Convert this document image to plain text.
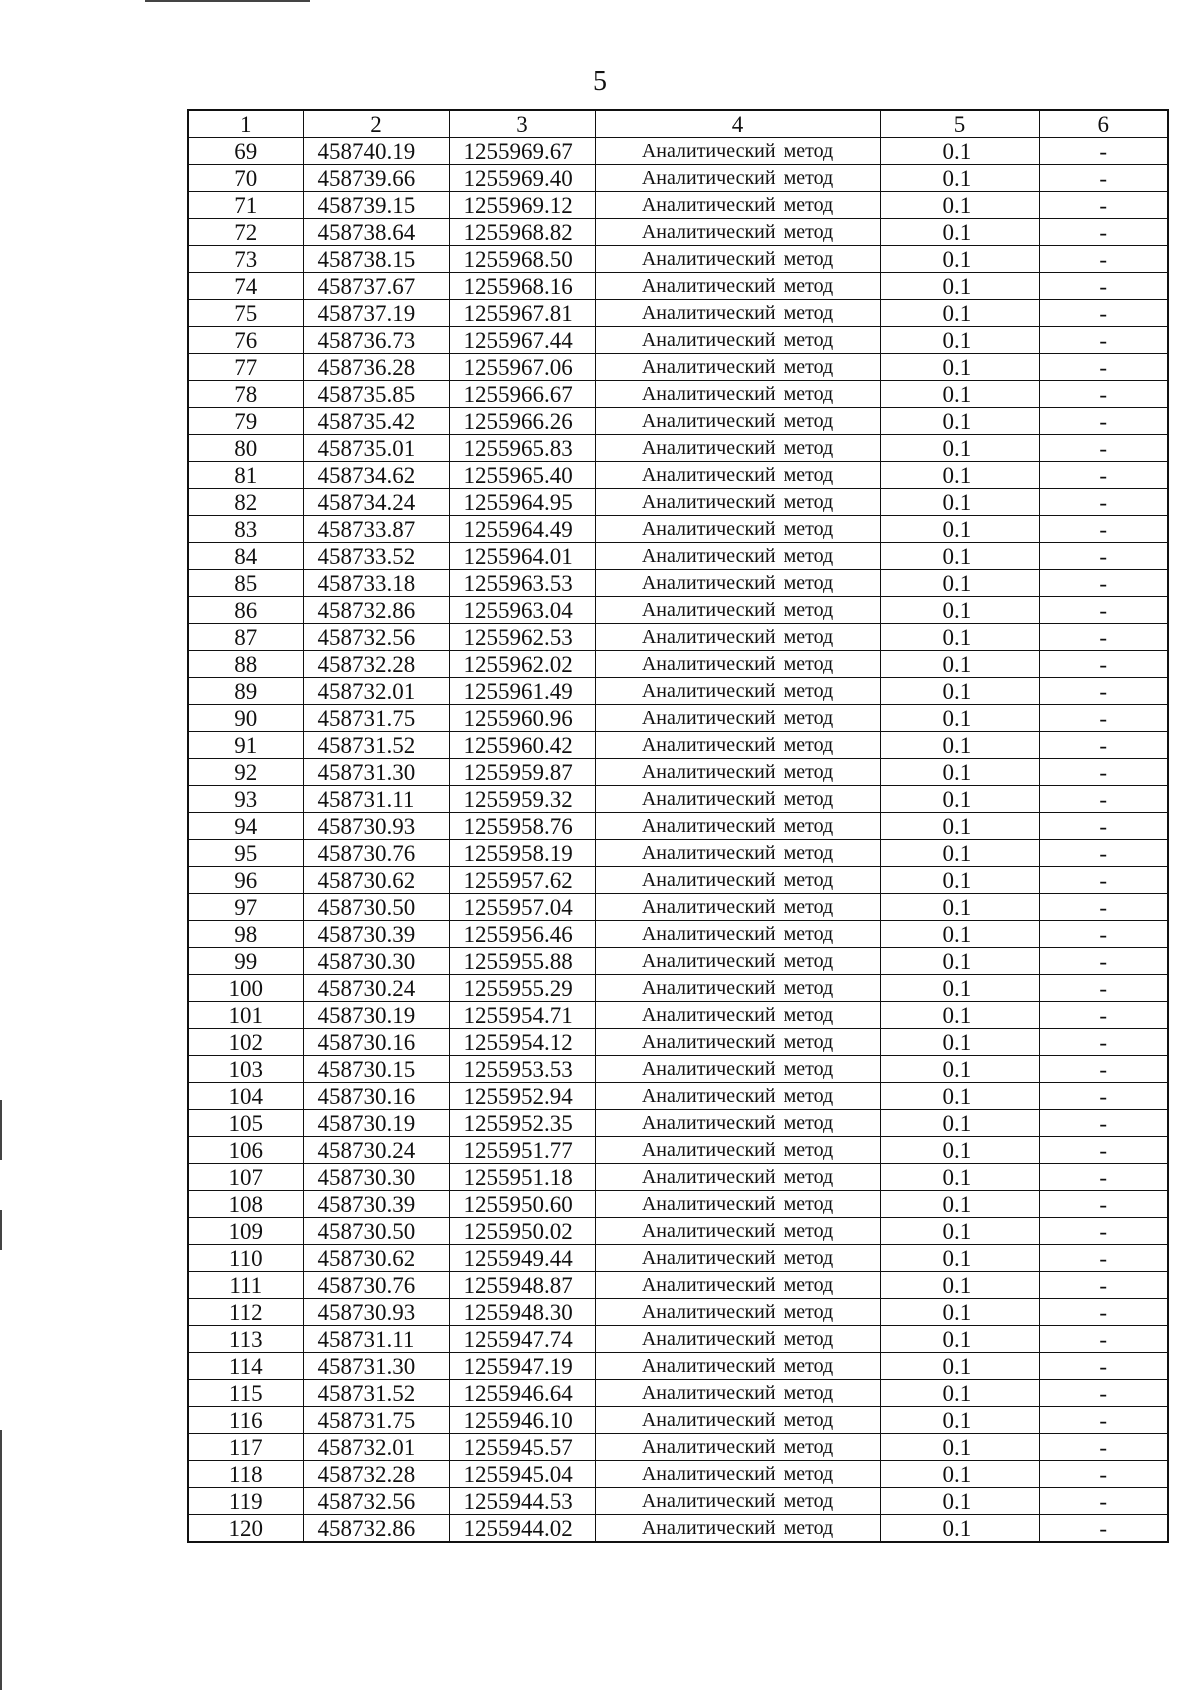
5
1	2	3	4	5	6
69	458740.19	1255969.67	Аналитический метод	0.1	-
70	458739.66	1255969.40	Аналитический метод	0.1	-
71	458739.15	1255969.12	Аналитический метод	0.1	-
72	458738.64	1255968.82	Аналитический метод	0.1	-
73	458738.15	1255968.50	Аналитический метод	0.1	-
74	458737.67	1255968.16	Аналитический метод	0.1	-
75	458737.19	1255967.81	Аналитический метод	0.1	-
76	458736.73	1255967.44	Аналитический метод	0.1	-
77	458736.28	1255967.06	Аналитический метод	0.1	-
78	458735.85	1255966.67	Аналитический метод	0.1	-
79	458735.42	1255966.26	Аналитический метод	0.1	-
80	458735.01	1255965.83	Аналитический метод	0.1	-
81	458734.62	1255965.40	Аналитический метод	0.1	-
82	458734.24	1255964.95	Аналитический метод	0.1	-
83	458733.87	1255964.49	Аналитический метод	0.1	-
84	458733.52	1255964.01	Аналитический метод	0.1	-
85	458733.18	1255963.53	Аналитический метод	0.1	-
86	458732.86	1255963.04	Аналитический метод	0.1	-
87	458732.56	1255962.53	Аналитический метод	0.1	-
88	458732.28	1255962.02	Аналитический метод	0.1	-
89	458732.01	1255961.49	Аналитический метод	0.1	-
90	458731.75	1255960.96	Аналитический метод	0.1	-
91	458731.52	1255960.42	Аналитический метод	0.1	-
92	458731.30	1255959.87	Аналитический метод	0.1	-
93	458731.11	1255959.32	Аналитический метод	0.1	-
94	458730.93	1255958.76	Аналитический метод	0.1	-
95	458730.76	1255958.19	Аналитический метод	0.1	-
96	458730.62	1255957.62	Аналитический метод	0.1	-
97	458730.50	1255957.04	Аналитический метод	0.1	-
98	458730.39	1255956.46	Аналитический метод	0.1	-
99	458730.30	1255955.88	Аналитический метод	0.1	-
100	458730.24	1255955.29	Аналитический метод	0.1	-
101	458730.19	1255954.71	Аналитический метод	0.1	-
102	458730.16	1255954.12	Аналитический метод	0.1	-
103	458730.15	1255953.53	Аналитический метод	0.1	-
104	458730.16	1255952.94	Аналитический метод	0.1	-
105	458730.19	1255952.35	Аналитический метод	0.1	-
106	458730.24	1255951.77	Аналитический метод	0.1	-
107	458730.30	1255951.18	Аналитический метод	0.1	-
108	458730.39	1255950.60	Аналитический метод	0.1	-
109	458730.50	1255950.02	Аналитический метод	0.1	-
110	458730.62	1255949.44	Аналитический метод	0.1	-
111	458730.76	1255948.87	Аналитический метод	0.1	-
112	458730.93	1255948.30	Аналитический метод	0.1	-
113	458731.11	1255947.74	Аналитический метод	0.1	-
114	458731.30	1255947.19	Аналитический метод	0.1	-
115	458731.52	1255946.64	Аналитический метод	0.1	-
116	458731.75	1255946.10	Аналитический метод	0.1	-
117	458732.01	1255945.57	Аналитический метод	0.1	-
118	458732.28	1255945.04	Аналитический метод	0.1	-
119	458732.56	1255944.53	Аналитический метод	0.1	-
120	458732.86	1255944.02	Аналитический метод	0.1	-
